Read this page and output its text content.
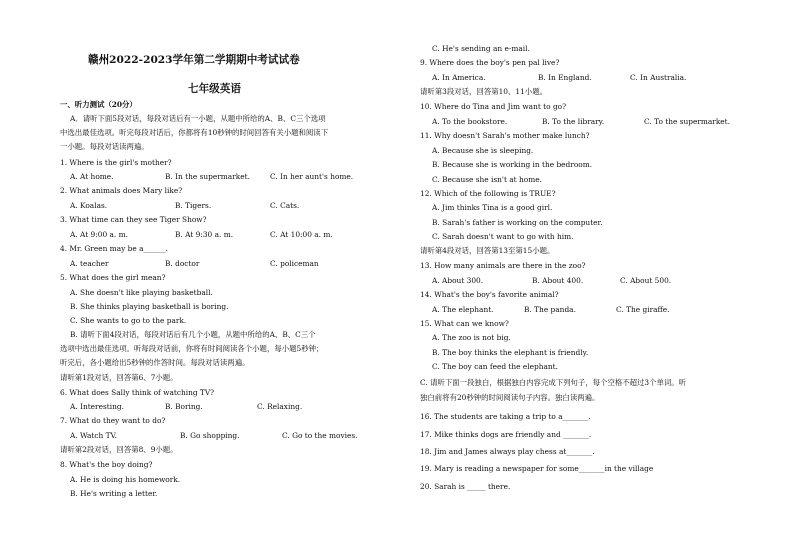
赣州2022-2023学年第二学期期中考试试卷
七年级英语
一、听力测试（20分）
A．请听下面5段对话，每段对话后有一小题，从题中所给的A、B、C三个选项
中选出最佳选项。听完每段对话后，你都将有10秒钟的时间回答有关小题和阅读下
一小题。每段对话读两遍。
1. Where is the girl's mother?
A. At home.	B. In the supermarket.	C. In her aunt's home.
2. What animals does Mary like?
A. Koalas.	B. Tigers.	C. Cats.
3. What time can they see Tiger Show?
A. At 9:00 a. m.	B. At 9:30 a. m.	C. At 10:00 a. m.
4. Mr. Green may be a______.
A. teacher	B. doctor	C. policeman
5. What does the girl mean?
A. She doesn't like playing basketball.
B. She thinks playing basketball is boring.
C. She wants to go to the park.
B. 请听下面4段对话，每段对话后有几个小题，从题中所给的A、B、C三个
选项中选出最佳选项。听每段对话前，你将有时间阅读各个小题，每小题5秒钟；
听完后，各小题给出5秒钟的作答时间。每段对话读两遍。
请听第1段对话，回答第6、7小题。
6. What does Sally think of watching TV?
A. Interesting.	B. Boring.	C. Relaxing.
7. What do they want to do?
A. Watch TV.	B. Go shopping.	C. Go to the movies.
请听第2段对话，回答第8、9小题。
8. What's the boy doing?
A. He is doing his homework.
B. He's writing a letter.
C. He's sending an e-mail.
9. Where does the boy's pen pal live?
A. In America.	B. In England.	C. In Australia.
请听第3段对话，回答第10、11小题。
10. Where do Tina and Jim want to go?
A. To the bookstore.	B. To the library.	C. To the supermarket.
11. Why doesn't Sarah's mother make lunch?
A. Because she is sleeping.
B. Because she is working in the bedroom.
C. Because she isn't at home.
12. Which of the following is TRUE?
A. Jim thinks Tina is a good girl.
B. Sarah's father is working on the computer.
C. Sarah doesn't want to go with him.
请听第4段对话，回答第13至第15小题。
13. How many animals are there in the zoo?
A. About 300.	B. About 400.	C. About 500.
14. What's the boy's favorite animal?
A. The elephant.	B. The panda.	C. The giraffe.
15. What can we know?
A. The zoo is not big.
B. The boy thinks the elephant is friendly.
C. The boy can feed the elephant.
C. 请听下面一段独白，根据独白内容完成下列句子，每个空格不超过3个单词。听
独白前将有20秒钟的时间阅读句子内容。独白读两遍。
16. The students are taking a trip to a_______.
17. Mike thinks dogs are friendly and _______.
18. Jim and James always play chess at_______.
19. Mary is reading a newspaper for some_______in the village
20. Sarah is _____ there.
